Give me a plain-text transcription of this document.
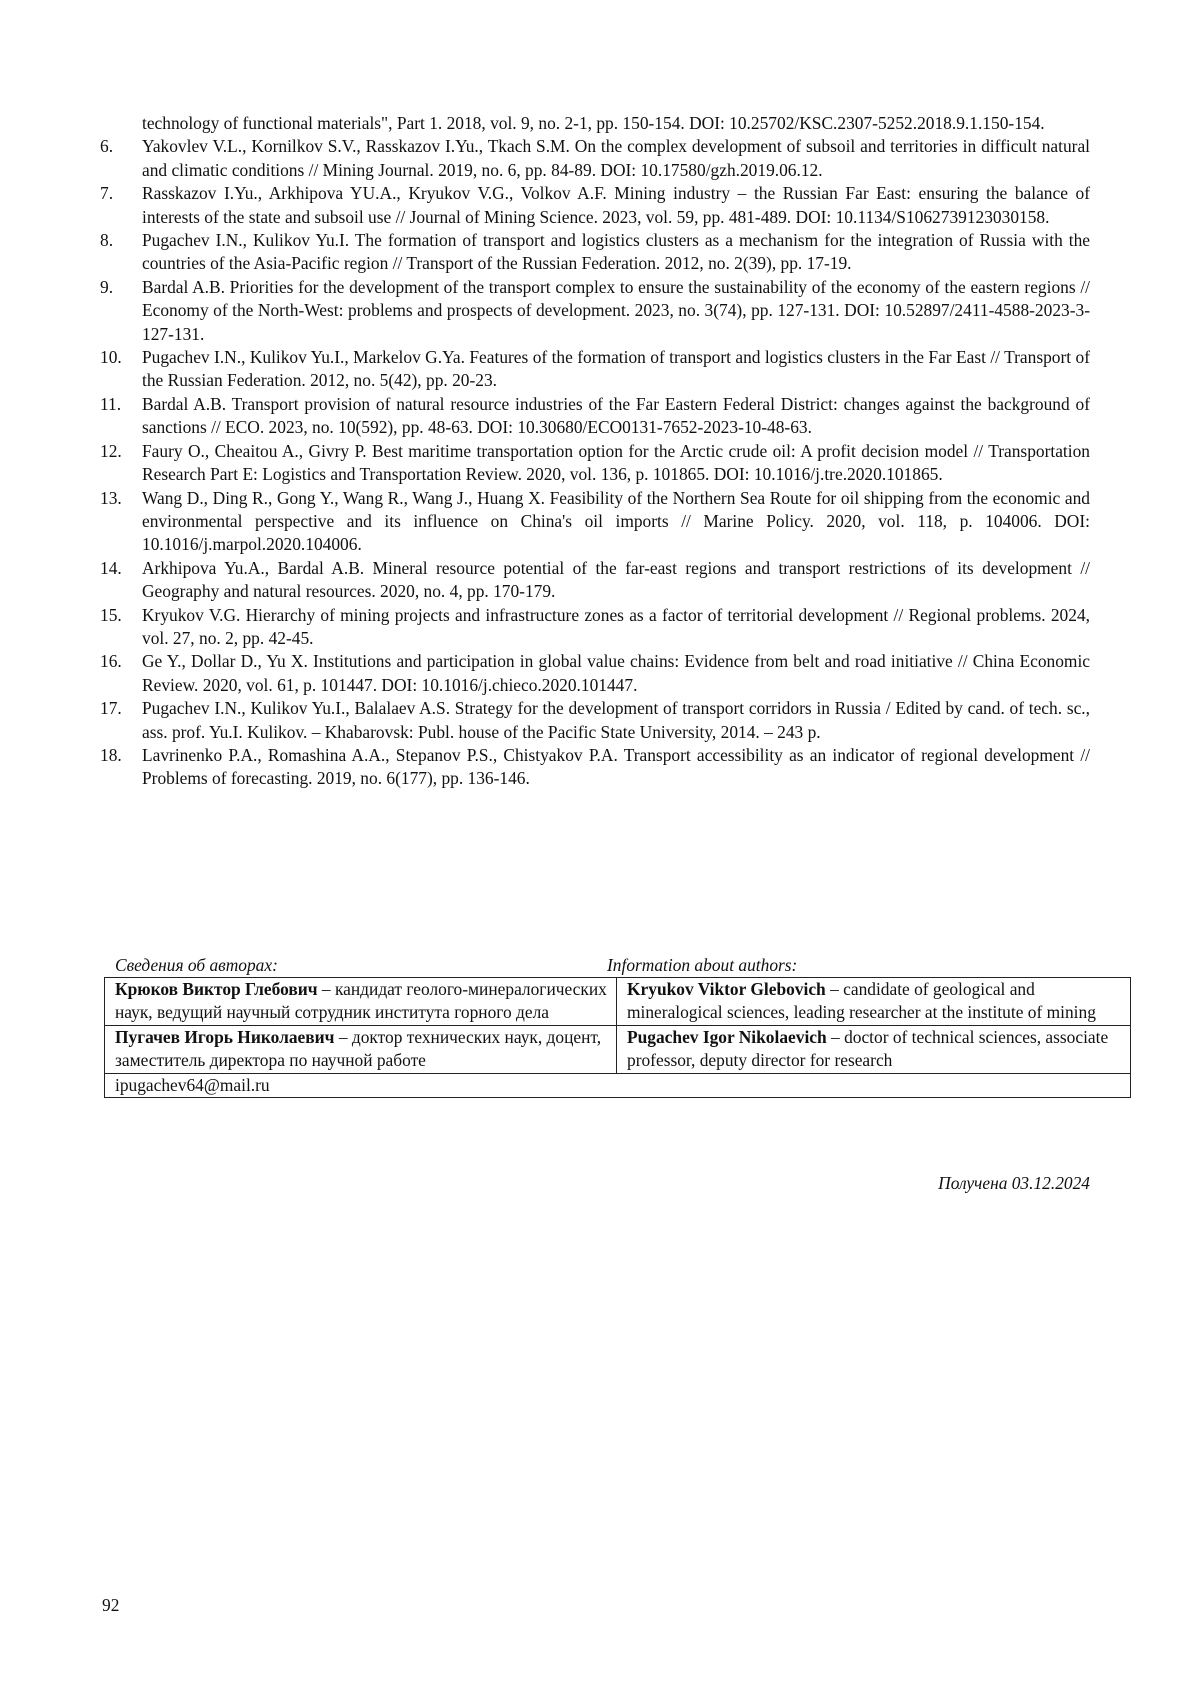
technology of functional materials", Part 1. 2018, vol. 9, no. 2-1, pp. 150-154. DOI: 10.25702/KSC.2307-5252.2018.9.1.150-154.
6. Yakovlev V.L., Kornilkov S.V., Rasskazov I.Yu., Tkach S.M. On the complex development of subsoil and territories in difficult natural and climatic conditions // Mining Journal. 2019, no. 6, pp. 84-89. DOI: 10.17580/gzh.2019.06.12.
7. Rasskazov I.Yu., Arkhipova YU.A., Kryukov V.G., Volkov A.F. Mining industry – the Russian Far East: ensuring the balance of interests of the state and subsoil use // Journal of Mining Science. 2023, vol. 59, pp. 481-489. DOI: 10.1134/S1062739123030158.
8. Pugachev I.N., Kulikov Yu.I. The formation of transport and logistics clusters as a mechanism for the integration of Russia with the countries of the Asia-Pacific region // Transport of the Russian Federation. 2012, no. 2(39), pp. 17-19.
9. Bardal A.B. Priorities for the development of the transport complex to ensure the sustainability of the economy of the eastern regions // Economy of the North-West: problems and prospects of development. 2023, no. 3(74), pp. 127-131. DOI: 10.52897/2411-4588-2023-3-127-131.
10. Pugachev I.N., Kulikov Yu.I., Markelov G.Ya. Features of the formation of transport and logistics clusters in the Far East // Transport of the Russian Federation. 2012, no. 5(42), pp. 20-23.
11. Bardal A.B. Transport provision of natural resource industries of the Far Eastern Federal District: changes against the background of sanctions // ECO. 2023, no. 10(592), pp. 48-63. DOI: 10.30680/ECO0131-7652-2023-10-48-63.
12. Faury O., Cheaitou A., Givry P. Best maritime transportation option for the Arctic crude oil: A profit decision model // Transportation Research Part E: Logistics and Transportation Review. 2020, vol. 136, p. 101865. DOI: 10.1016/j.tre.2020.101865.
13. Wang D., Ding R., Gong Y., Wang R., Wang J., Huang X. Feasibility of the Northern Sea Route for oil shipping from the economic and environmental perspective and its influence on China's oil imports // Marine Policy. 2020, vol. 118, p. 104006. DOI: 10.1016/j.marpol.2020.104006.
14. Arkhipova Yu.A., Bardal A.B. Mineral resource potential of the far-east regions and transport restrictions of its development // Geography and natural resources. 2020, no. 4, pp. 170-179.
15. Kryukov V.G. Hierarchy of mining projects and infrastructure zones as a factor of territorial development // Regional problems. 2024, vol. 27, no. 2, pp. 42-45.
16. Ge Y., Dollar D., Yu X. Institutions and participation in global value chains: Evidence from belt and road initiative // China Economic Review. 2020, vol. 61, p. 101447. DOI: 10.1016/j.chieco.2020.101447.
17. Pugachev I.N., Kulikov Yu.I., Balalaev A.S. Strategy for the development of transport corridors in Russia / Edited by cand. of tech. sc., ass. prof. Yu.I. Kulikov. – Khabarovsk: Publ. house of the Pacific State University, 2014. – 243 p.
18. Lavrinenko P.A., Romashina A.A., Stepanov P.S., Chistyakov P.A. Transport accessibility as an indicator of regional development // Problems of forecasting. 2019, no. 6(177), pp. 136-146.
Сведения об авторах:	Information about authors:
Крюков Виктор Глебович – кандидат геолого-минералогических наук, ведущий научный сотрудник института горного дела	Kryukov Viktor Glebovich – candidate of geological and mineralogical sciences, leading researcher at the institute of mining
Пугачев Игорь Николаевич – доктор технических наук, доцент, заместитель директора по научной работе	Pugachev Igor Nikolaevich – doctor of technical sciences, associate professor, deputy director for research
ipugachev64@mail.ru	
Получена 03.12.2024
92
